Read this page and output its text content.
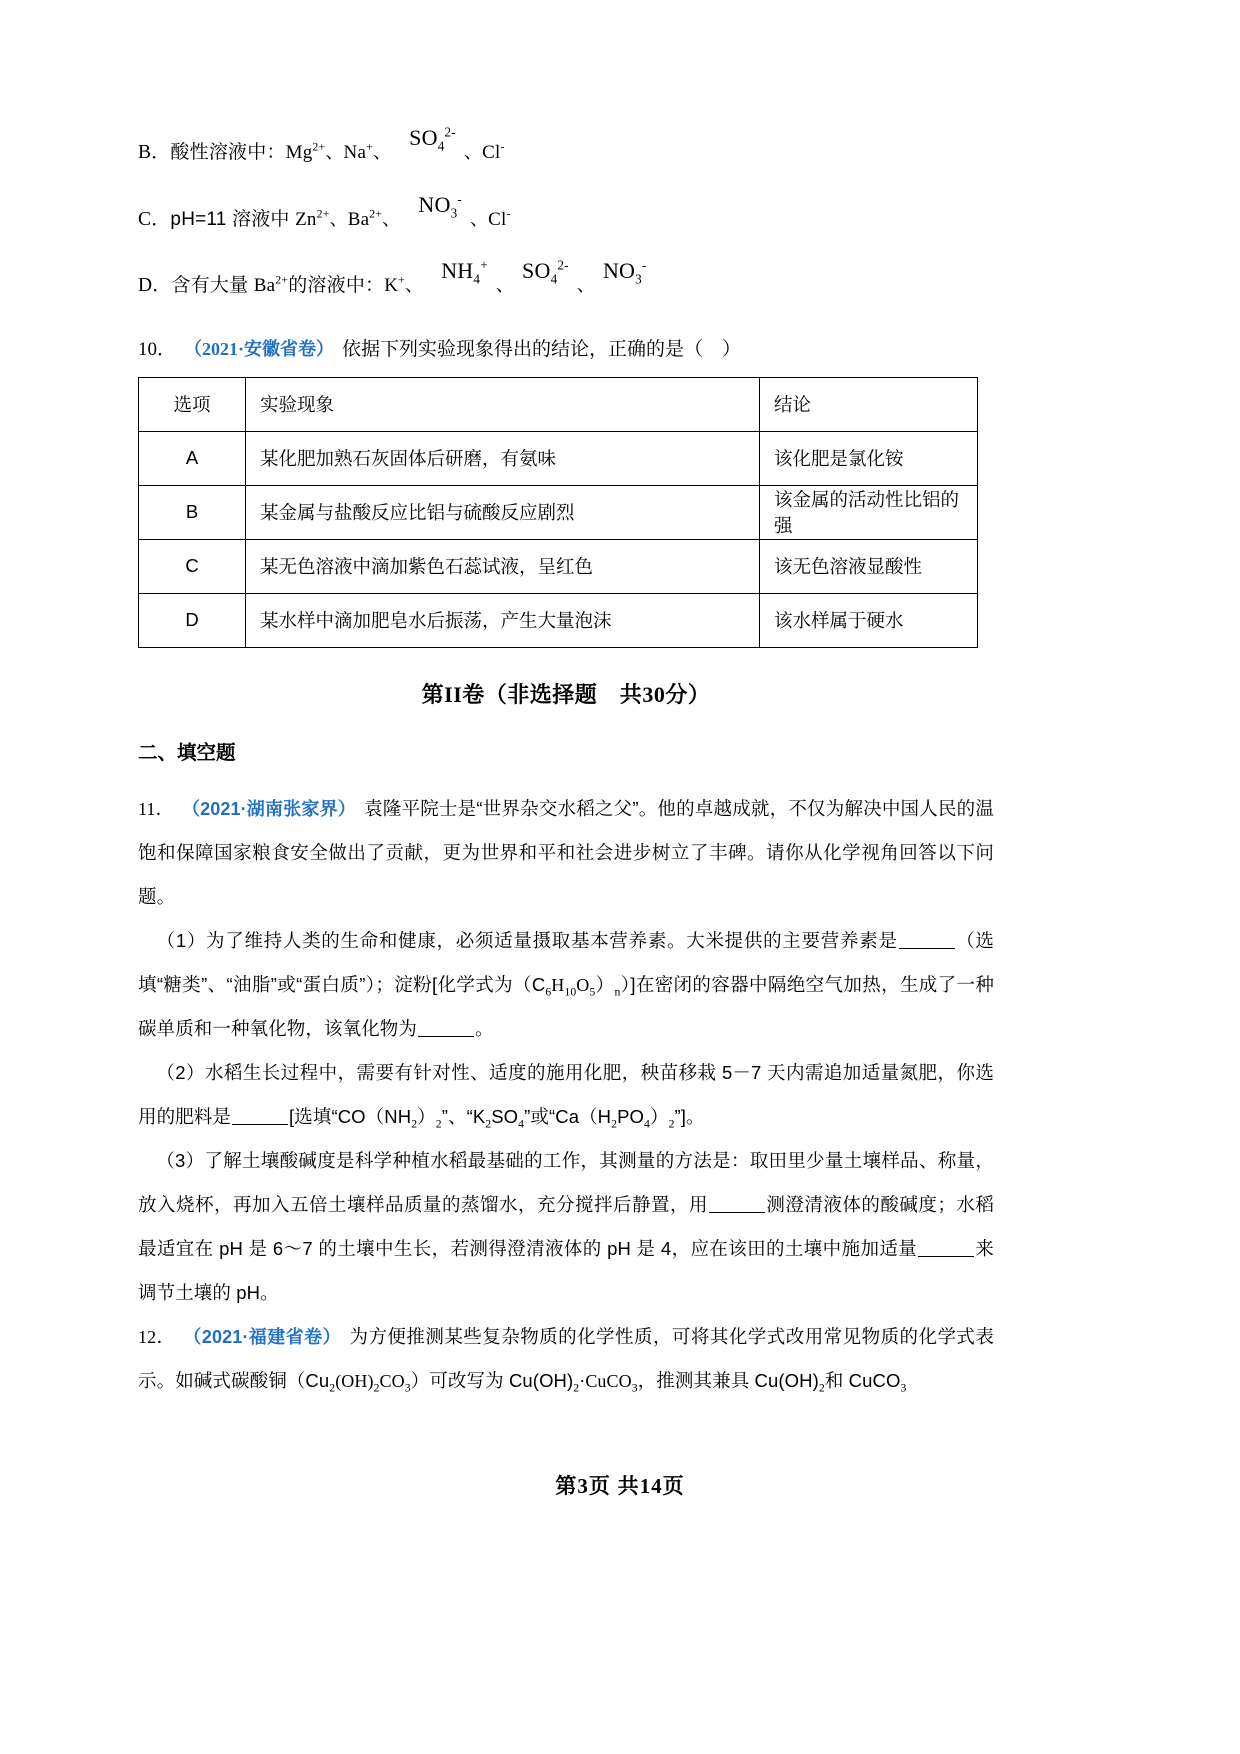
B．酸性溶液中：$Mg^{2+}$、Na+、$SO_4^{2-}$、Cl-
C．pH=11 溶液中 $Zn^{2+}$、$Ba^{2+}$、$NO_3^-$、Cl-
D．含有大量 $Ba^{2+}$的溶液中：K+、$NH_4^+$、$SO_4^{2-}$、$NO_3^-$
10． （2021·安徽省卷） 依据下列实验现象得出的结论，正确的是（　）
选项	实验现象	结论
A	某化肥加熟石灰固体后研磨，有氨味	该化肥是氯化铵
B	某金属与盐酸反应比铝与硫酸反应剧烈	该金属的活动性比铝的强
C	某无色溶液中滴加紫色石蕊试液，呈红色	该无色溶液显酸性
D	某水样中滴加肥皂水后振荡，产生大量泡沫	该水样属于硬水
第II卷（非选择题　共30分）
二、填空题

11． （2021·湖南张家界） 袁隆平院士是“世界杂交水稻之父”。他的卓越成就，不仅为解决中国人民的温饱和保障国家粮食安全做出了贡献，更为世界和平和社会进步树立了丰碑。请你从化学视角回答以下问题。

（1）为了维持人类的生命和健康，必须适量摄取基本营养素。大米提供的主要营养素是	（选填“糖类”、“油脂”或“蛋白质”）；淀粉[化学式为$(C_6H_{10}O_5)_n$）]在密闭的容器中隔绝空气加热，生成了一种碳单质和一种氧化物，该氧化物为	。

（2）水稻生长过程中，需要有针对性、适度的施用化肥，秧苗移栽 5－7 天内需追加适量氮肥，你选用的肥料是	[选填“$CO(NH_2)_2$”、“$K_2SO_4$”或“$Ca(H_2PO_4)_2$”]。

（3）了解土壤酸碱度是科学种植水稻最基础的工作，其测量的方法是：取田里少量土壤样品、称量，放入烧杯，再加入五倍土壤样品质量的蒸馏水，充分搅拌后静置，用	测澄清液体的酸碱度；水稻最适宜在 pH 是 6～7 的土壤中生长，若测得澄清液体的 pH 是 4，应在该田的土壤中施加适量	来调节土壤的 pH。

12． （2021·福建省卷） 为方便推测某些复杂物质的化学性质，可将其化学式改用常见物质的化学式表示。如碱式碳酸铜$(Cu_2(OH)_2CO_3)$可改写为 $Cu(OH)_2\cdot CuCO_3$，推测其兼具 $Cu(OH)_2$和 CuCO$_3$

第3页 共14页
